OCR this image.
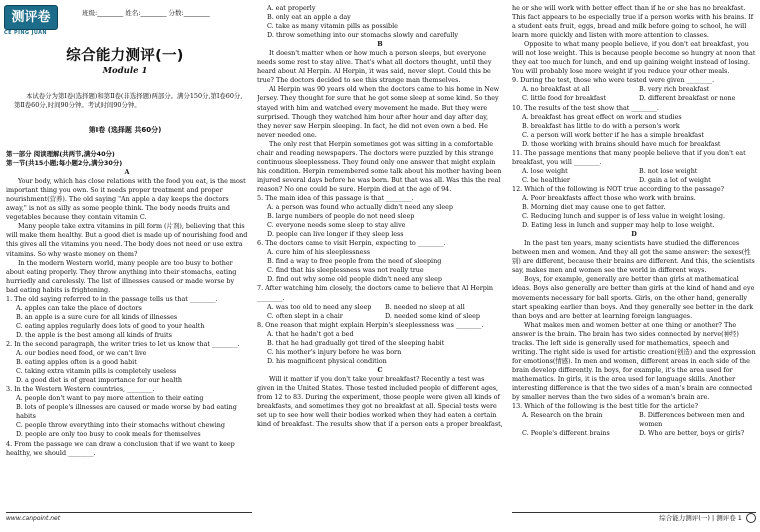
测评卷
CE PING JUAN
班级:________ 姓名:________ 分数:________
综合能力测评(一)
Module 1

本试卷分为第Ⅰ卷(选择题)和第Ⅱ卷(非选择题)两部分。满分150分,第Ⅰ卷60分,第Ⅱ卷60分,时间90分钟。考试时间90分钟。

第Ⅰ卷 (选择题 共60分)

第一部分 阅读理解(共两节,满分40分)

第一节(共15小题;每小题2分,满分30分)

A

Your body, which has close relations with the food you eat, is the most important thing you own. So it needs proper treatment and proper nourishment(营养). The old saying "An apple a day keeps the doctors away," is not as silly as some people think. The body needs fruits and vegetables because they contain vitamin C.

Many people take extra vitamins in pill form (片剂), believing that this will make them healthy. But a good diet is made up of nourishing food and this gives all the vitamins you need. The body does not need or use extra vitamins. So why waste money on them?

In the modern Western world, many people are too busy to bother about eating properly. They throw anything into their stomachs, eating hurriedly and carelessly. The list of illnesses caused or made worse by bad eating habits is frightening.

1. The old saying referred to in the passage tells us that ________.

A. apples can take the place of doctors

B. an apple is a sure cure for all kinds of illnesses

C. eating apples regularly does lots of good to your health

D. the apple is the best among all kinds of fruits

2. In the second paragraph, the writer tries to let us know that ________.

A. our bodies need food, or we can't live

B. eating apples often is a good habit

C. taking extra vitamin pills is completely useless

D. a good diet is of great importance for our health

3. In the Western Western countries, ________.

A. people don't want to pay more attention to their eating

B. lots of people's illnesses are caused or made worse by bad eating habits

C. people throw everything into their stomachs without chewing

D. people are only too busy to cook meals for themselves

4. From the passage we can draw a conclusion that if we want to keep healthy, we should ________.

A. eat properly

B. only eat an apple a day

C. take as many vitamin pills as possible

D. throw something into our stomachs slowly and carefully

B

It doesn't matter when or how much a person sleeps, but everyone needs some rest to stay alive. That's what all doctors thought, until they heard about Al Herpin. Al Herpin, it was said, never slept. Could this be true? The doctors decided to see this strange man themselves.

Al Herpin was 90 years old when the doctors came to his home in New Jersey. They thought for sure that he got some sleep at some kind. So they stayed with him and watched every movement he made. But they were surprised. Though they watched him hour after hour and day after day, they never saw Herpin sleeping. In fact, he did not even own a bed. He never needed one.

The only rest that Herpin sometimes got was sitting in a comfortable chair and reading newspapers. The doctors were puzzled by this strange continuous sleeplessness. They found only one answer that might explain his condition. Herpin remembered some talk about his mother having been injured several days before he was born. But that was all. Was this the real reason? No one could be sure. Herpin died at the age of 94.

5. The main idea of this passage is that ________.

A. a person was found who actually didn't need any sleep

B. large numbers of people do not need sleep

C. everyone needs some sleep to stay alive

D. people can live longer if they sleep less

6. The doctors came to visit Herpin, expecting to ________.

A. cure him of his sleeplessness

B. find a way to free people from the need of sleeping

C. find that his sleeplessness was not really true

D. find out why some old people didn't need any sleep

7. After watching him closely, the doctors came to believe that Al Herpin ________.

A. was too old to need any sleep	B. needed no sleep at all
C. often slept in a chair	D. needed some kind of sleep

8. One reason that might explain Herpin's sleeplessness was ________.

A. that he hadn't got a bed

B. that he had gradually got tired of the sleeping habit

C. his mother's injury before he was born

D. his magnificent physical condition

C

Will it matter if you don't take your breakfast? Recently a test was given in the United States. Those tested included people of different ages, from 12 to 83. During the experiment, those people were given all kinds of breakfasts, and sometimes they got no breakfast at all. Special tests were set up to see how well their bodies worked when they had eaten a certain kind of breakfast. The results show that if a person eats a proper breakfast,

he or she will work with better effect than if he or she has no breakfast. This fact appears to be especially true if a person works with his brains. If a student eats fruit, eggs, bread and milk before going to school, he will learn more quickly and listen with more attention to classes.

Opposite to what many people believe, if you don't eat breakfast, you will not lose weight. This is because people become so hungry at noon that they eat too much for lunch, and end up gaining weight instead of losing. You will probably lose more weight if you reduce your other meals.

9. During the test, those who were tested were given ________.

A. no breakfast at all	B. very rich breakfast
C. little food for breakfast	D. different breakfast or none

10. The results of the test show that ________.

A. breakfast has great effect on work and studies

B. breakfast has little to do with a person's work

C. a person will work better if he has a simple breakfast

D. those working with brains should have much for breakfast

11. The passage mentions that many people believe that if you don't eat breakfast, you will ________.

A. lose weight	B. not lose weight
C. be healthier	D. gain a lot of weight

12. Which of the following is NOT true according to the passage?

A. Poor breakfasts affect those who work with brains.

B. Morning diet may cause one to get fatter.

C. Reducing lunch and supper is of less value in weight losing.

D. Eating less in lunch and supper may help to lose weight.

D

In the past ten years, many scientists have studied the differences between men and women. And they all got the same answer: the sexes(性别) are different, because their brains are different. And this, the scientists say, makes men and women see the world in different ways.

Boys, for example, generally are better than girls at mathematical ideas. Boys also generally are better than girls at the kind of hand and eye movements necessary for ball sports. Girls, on the other hand, generally start speaking earlier than boys. And they generally see better in the dark than boys and are better at learning foreign languages.

What makes men and women better at one thing or another? The answer is the brain. The brain has two sides connected by nerve(神经) tracks. The left side is generally used for mathematics, speech and writing. The right side is used for artistic creation(创造) and the expression for emotions(情感). In men and women, different areas in each side of the brain develop differently. In boys, for example, it's the area used for mathematics. In girls, it is the area used for language skills. Another interesting difference is that the two sides of a man's brain are connected by smaller nerves than the two sides of a woman's brain are.

13. Which of the following is the best title for the article?

A. Research on the brain	B. Differences between men and women
C. People's different brains	D. Who are better, boys or girls?
www.canpoint.net	综合能力测评(一) | 测评卷 1
